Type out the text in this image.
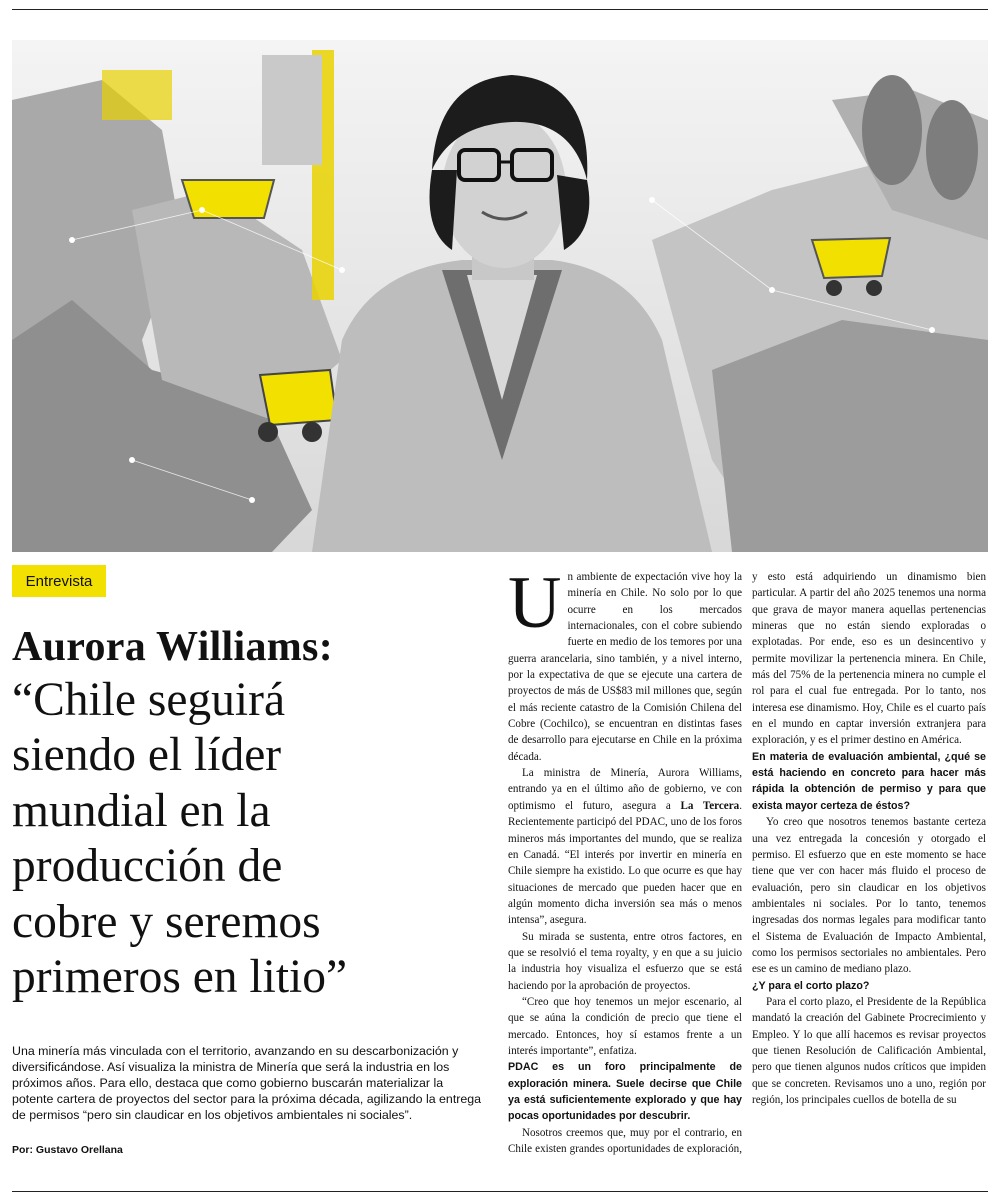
Entrevista
Aurora Williams:
“Chile seguirá
siendo el líder
mundial en la
producción de
cobre y seremos
primeros en litio”

Una minería más vinculada con el territorio, avanzando en su descarbonización y diversificándose. Así visualiza la ministra de Minería que será la industria en los próximos años. Para ello, destaca que como gobierno buscarán materializar la potente cartera de proyectos del sector para la próxima década, agilizando la entrega de permisos “pero sin claudicar en los objetivos ambientales ni sociales”.

Por: Gustavo Orellana

Un ambiente de expectación vive hoy la minería en Chile. No solo por lo que ocurre en los mercados internacionales, con el cobre subiendo fuerte en medio de los temores por una guerra arancelaria, sino también, y a nivel interno, por la expectativa de que se ejecute una cartera de proyectos de más de US$83 mil millones que, según el más reciente catastro de la Comisión Chilena del Cobre (Cochilco), se encuentran en distintas fases de desarrollo para ejecutarse en Chile en la próxima década.

La ministra de Minería, Aurora Williams, entrando ya en el último año de gobierno, ve con optimismo el futuro, asegura a La Tercera. Recientemente participó del PDAC, uno de los foros mineros más importantes del mundo, que se realiza en Canadá. “El interés por invertir en minería en Chile siempre ha existido. Lo que ocurre es que hay situaciones de mercado que pueden hacer que en algún momento dicha inversión sea más o menos intensa”, asegura.

Su mirada se sustenta, entre otros factores, en que se resolvió el tema royalty, y en que a su juicio la industria hoy visualiza el esfuerzo que se está haciendo por la aprobación de proyectos.

“Creo que hoy tenemos un mejor escenario, al que se aúna la condición de precio que tiene el mercado. Entonces, hoy sí estamos frente a un interés importante”, enfatiza.

PDAC es un foro principalmente de exploración minera. Suele decirse que Chile ya está suficientemente explorado y que hay pocas oportunidades por descubrir.

Nosotros creemos que, muy por el contrario, en Chile existen grandes oportunidades de exploración,

y esto está adquiriendo un dinamismo bien particular. A partir del año 2025 tenemos una norma que grava de mayor manera aquellas pertenencias mineras que no están siendo exploradas o explotadas. Por ende, eso es un desincentivo y permite movilizar la pertenencia minera. En Chile, más del 75% de la pertenencia minera no cumple el rol para el cual fue entregada. Por lo tanto, nos interesa ese dinamismo. Hoy, Chile es el cuarto país en el mundo en captar inversión extranjera para exploración, y es el primer destino en América.

En materia de evaluación ambiental, ¿qué se está haciendo en concreto para hacer más rápida la obtención de permiso y para que exista mayor certeza de éstos?

Yo creo que nosotros tenemos bastante certeza una vez entregada la concesión y otorgado el permiso. El esfuerzo que en este momento se hace tiene que ver con hacer más fluido el proceso de evaluación, pero sin claudicar en los objetivos ambientales ni sociales. Por lo tanto, tenemos ingresadas dos normas legales para modificar tanto el Sistema de Evaluación de Impacto Ambiental, como los permisos sectoriales no ambientales. Pero ese es un camino de mediano plazo.

¿Y para el corto plazo?

Para el corto plazo, el Presidente de la República mandató la creación del Gabinete Procrecimiento y Empleo. Y lo que allí hacemos es revisar proyectos que tienen Resolución de Calificación Ambiental, pero que tienen algunos nudos críticos que impiden que se concreten. Revisamos uno a uno, región por región, los principales cuellos de botella de su
